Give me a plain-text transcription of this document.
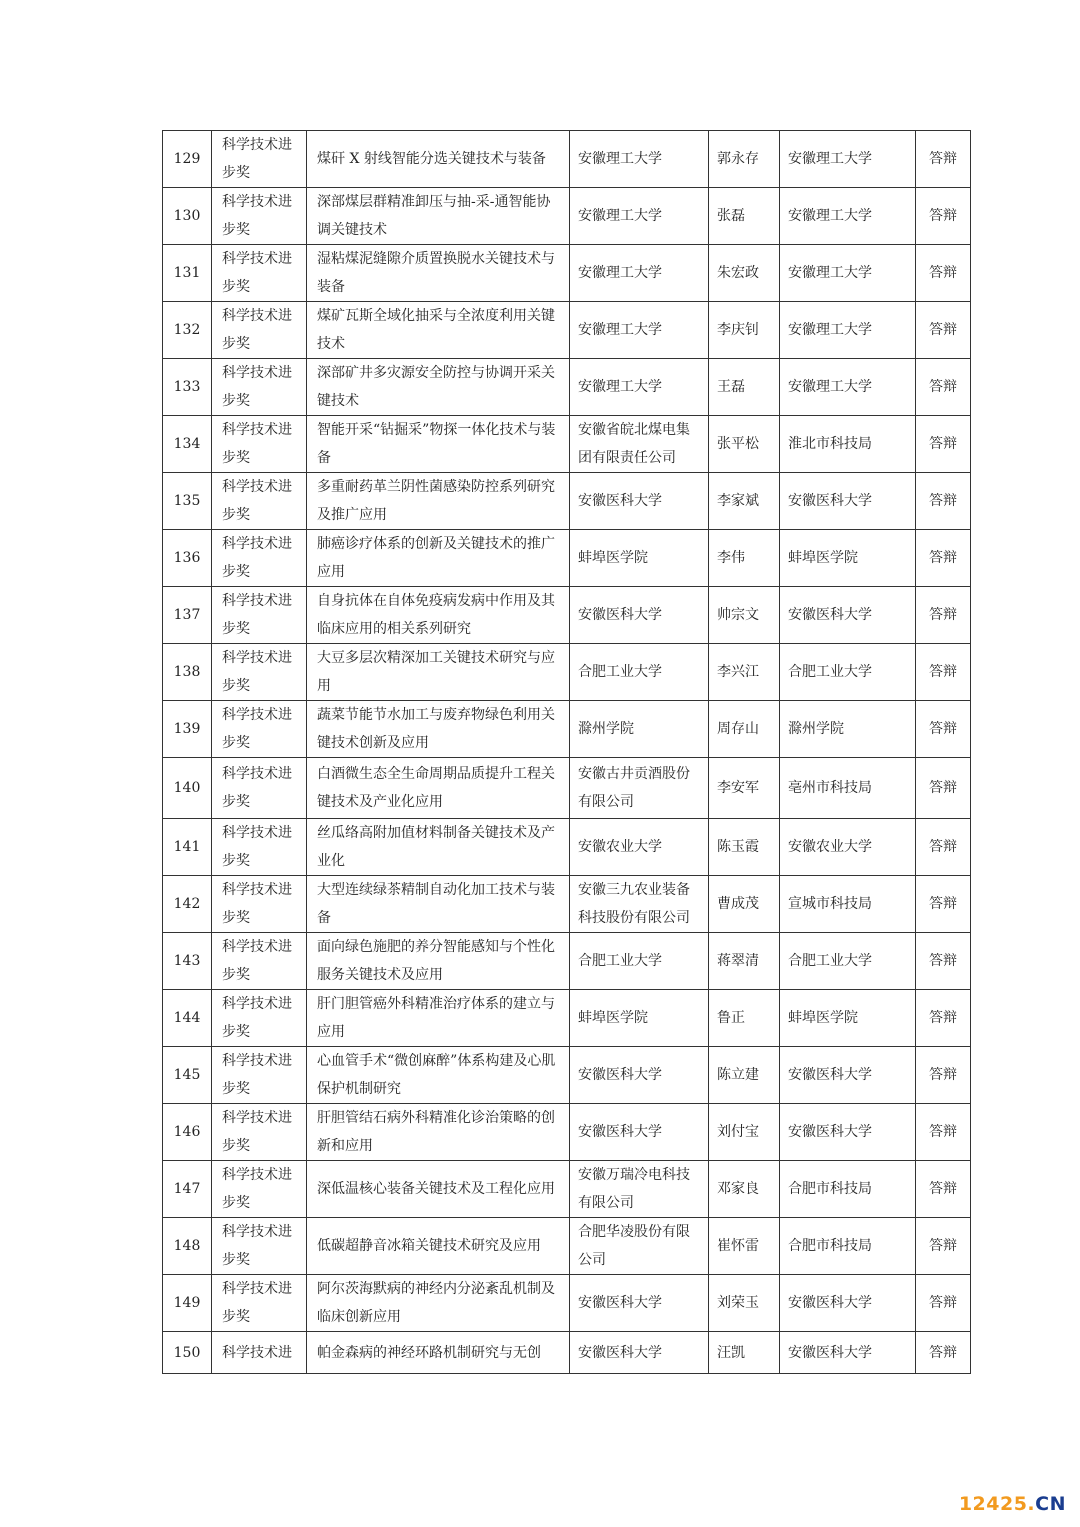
129	科学技术进步奖	煤矸 X 射线智能分选关键技术与装备	安徽理工大学	郭永存	安徽理工大学	答辩
130	科学技术进步奖	深部煤层群精准卸压与抽-采-通智能协调关键技术	安徽理工大学	张磊	安徽理工大学	答辩
131	科学技术进步奖	湿粘煤泥缝隙介质置换脱水关键技术与装备	安徽理工大学	朱宏政	安徽理工大学	答辩
132	科学技术进步奖	煤矿瓦斯全域化抽采与全浓度利用关键技术	安徽理工大学	李庆钊	安徽理工大学	答辩
133	科学技术进步奖	深部矿井多灾源安全防控与协调开采关键技术	安徽理工大学	王磊	安徽理工大学	答辩
134	科学技术进步奖	智能开采“钻掘采”物探一体化技术与装备	安徽省皖北煤电集团有限责任公司	张平松	淮北市科技局	答辩
135	科学技术进步奖	多重耐药革兰阴性菌感染防控系列研究及推广应用	安徽医科大学	李家斌	安徽医科大学	答辩
136	科学技术进步奖	肺癌诊疗体系的创新及关键技术的推广应用	蚌埠医学院	李伟	蚌埠医学院	答辩
137	科学技术进步奖	自身抗体在自体免疫病发病中作用及其临床应用的相关系列研究	安徽医科大学	帅宗文	安徽医科大学	答辩
138	科学技术进步奖	大豆多层次精深加工关键技术研究与应用	合肥工业大学	李兴江	合肥工业大学	答辩
139	科学技术进步奖	蔬菜节能节水加工与废弃物绿色利用关键技术创新及应用	滁州学院	周存山	滁州学院	答辩
140	科学技术进步奖	白酒微生态全生命周期品质提升工程关键技术及产业化应用	安徽古井贡酒股份有限公司	李安军	亳州市科技局	答辩
141	科学技术进步奖	丝瓜络高附加值材料制备关键技术及产业化	安徽农业大学	陈玉霞	安徽农业大学	答辩
142	科学技术进步奖	大型连续绿茶精制自动化加工技术与装备	安徽三九农业装备科技股份有限公司	曹成茂	宣城市科技局	答辩
143	科学技术进步奖	面向绿色施肥的养分智能感知与个性化服务关键技术及应用	合肥工业大学	蒋翠清	合肥工业大学	答辩
144	科学技术进步奖	肝门胆管癌外科精准治疗体系的建立与应用	蚌埠医学院	鲁正	蚌埠医学院	答辩
145	科学技术进步奖	心血管手术“微创麻醉”体系构建及心肌保护机制研究	安徽医科大学	陈立建	安徽医科大学	答辩
146	科学技术进步奖	肝胆管结石病外科精准化诊治策略的创新和应用	安徽医科大学	刘付宝	安徽医科大学	答辩
147	科学技术进步奖	深低温核心装备关键技术及工程化应用	安徽万瑞冷电科技有限公司	邓家良	合肥市科技局	答辩
148	科学技术进步奖	低碳超静音冰箱关键技术研究及应用	合肥华凌股份有限公司	崔怀雷	合肥市科技局	答辩
149	科学技术进步奖	阿尔茨海默病的神经内分泌紊乱机制及临床创新应用	安徽医科大学	刘荣玉	安徽医科大学	答辩
150	科学技术进	帕金森病的神经环路机制研究与无创	安徽医科大学	汪凯	安徽医科大学	答辩
12425.CN
